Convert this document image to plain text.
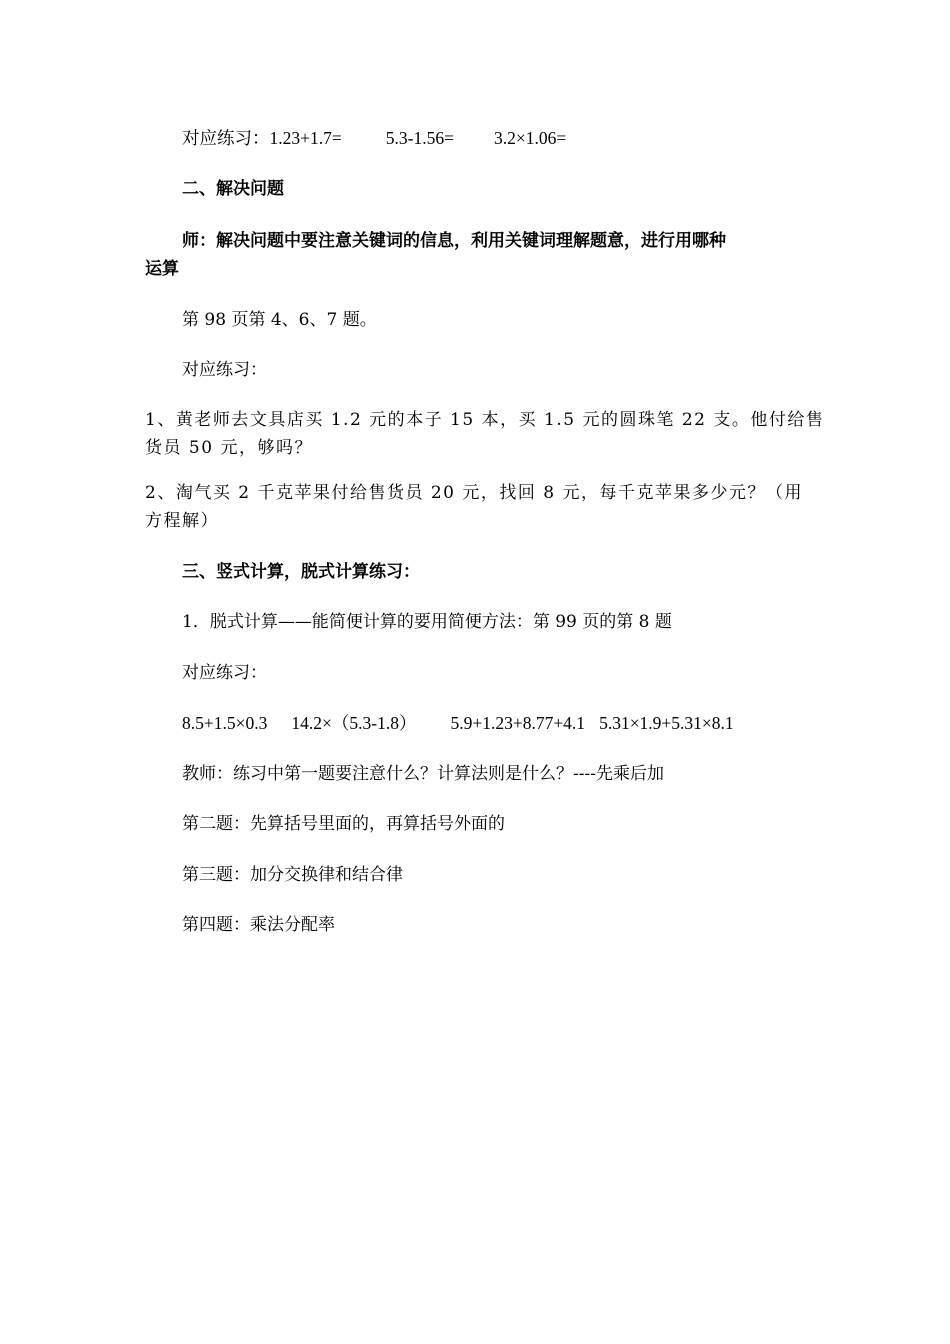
对应练习：1.23+1.7=	5.3-1.56= 3.2×1.06=
二、解决问题
师：解决问题中要注意关键词的信息，利用关键词理解题意，进行用哪种
运算
第 98 页第 4、6、7 题。
对应练习：
1、黄老师去文具店买 1.2 元的本子 15 本，买 1.5 元的圆珠笔 22 支。他付给售
货员 50 元，够吗？
2、淘气买 2 千克苹果付给售货员 20 元，找回 8 元，每千克苹果多少元？（用
方程解）
三、竖式计算，脱式计算练习：
1．脱式计算——能简便计算的要用简便方法：第 99 页的第 8 题
对应练习：
8.5+1.5×0.3 14.2×（5.3-1.8） 5.9+1.23+8.77+4.1 5.31×1.9+5.31×8.1
教师：练习中第一题要注意什么？计算法则是什么？----先乘后加
第二题：先算括号里面的，再算括号外面的
第三题：加分交换律和结合律
第四题：乘法分配率
